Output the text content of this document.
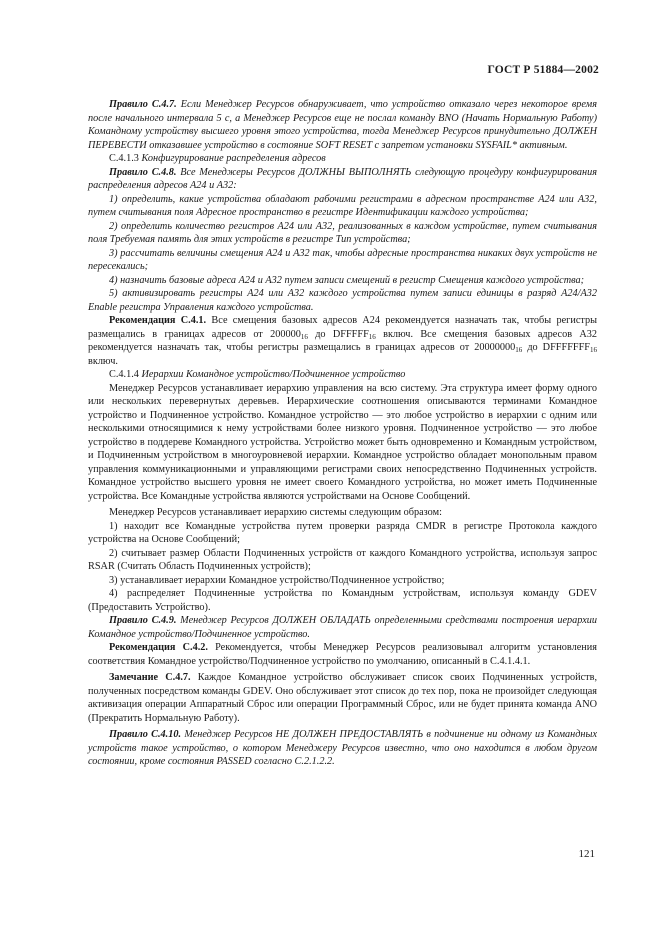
ГОСТ Р 51884—2002

Правило С.4.7. Если Менеджер Ресурсов обнаруживает, что устройство отказало через некоторое время после начального интервала 5 с, а Менеджер Ресурсов еще не послал команду BNO (Начать Нормальную Работу) Командному устройству высшего уровня этого устройства, тогда Менеджер Ресурсов принудительно ДОЛЖЕН ПЕРЕВЕСТИ отказавшее устройство в состояние SOFT RESET с запретом установки SYSFAIL* активным.

С.4.1.3 Конфигурирование распределения адресов

Правило С.4.8. Все Менеджеры Ресурсов ДОЛЖНЫ ВЫПОЛНЯТЬ следующую процедуру конфигурирования распределения адресов А24 и А32:

1) определить, какие устройства обладают рабочими регистрами в адресном пространстве А24 или А32, путем считывания поля Адресное пространство в регистре Идентификации каждого устройства;

2) определить количество регистров А24 или А32, реализованных в каждом устройстве, путем считывания поля Требуемая память для этих устройств в регистре Тип устройства;

3) рассчитать величины смещения А24 и А32 так, чтобы адресные пространства никаких двух устройств не пересекались;

4) назначить базовые адреса А24 и А32 путем записи смещений в регистр Смещения каждого устройства;

5) активизировать регистры А24 или А32 каждого устройства путем записи единицы в разряд A24/A32 Enable регистра Управления каждого устройства.

Рекомендация С.4.1. Все смещения базовых адресов А24 рекомендуется назначать так, чтобы регистры размещались в границах адресов от $200000_{16}$ до $DFFFFF_{16}$ включ. Все смещения базовых адресов А32 рекомендуется назначать так, чтобы регистры размещались в границах адресов от $20000000_{16}$ до $DFFFFFFF_{16}$ включ.

С.4.1.4 Иерархии Командное устройство/Подчиненное устройство

Менеджер Ресурсов устанавливает иерархию управления на всю систему. Эта структура имеет форму одного или нескольких перевернутых деревьев. Иерархические соотношения описываются терминами Командное устройство и Подчиненное устройство. Командное устройство — это любое устройство в иерархии с одним или несколькими относящимися к нему устройствами более низкого уровня. Подчиненное устройство — это любое устройство в поддереве Командного устройства. Устройство может быть одновременно и Командным устройством, и Подчиненным устройством в многоуровневой иерархии. Командное устройство обладает монопольным правом управления коммуникационными и управляющими регистрами своих непосредственно Подчиненных устройств. Командное устройство высшего уровня не имеет своего Командного устройства, но может иметь Подчиненные устройства. Все Командные устройства являются устройствами на Основе Сообщений.

Менеджер Ресурсов устанавливает иерархию системы следующим образом:

1) находит все Командные устройства путем проверки разряда CMDR в регистре Протокола каждого устройства на Основе Сообщений;

2) считывает размер Области Подчиненных устройств от каждого Командного устройства, используя запрос RSAR (Считать Область Подчиненных устройств);

3) устанавливает иерархии Командное устройство/Подчиненное устройство;

4) распределяет Подчиненные устройства по Командным устройствам, используя команду GDEV (Предоставить Устройство).

Правило С.4.9. Менеджер Ресурсов ДОЛЖЕН ОБЛАДАТЬ определенными средствами построения иерархии Командное устройство/Подчиненное устройство.

Рекомендация С.4.2. Рекомендуется, чтобы Менеджер Ресурсов реализовывал алгоритм установления соответствия Командное устройство/Подчиненное устройство по умолчанию, описанный в С.4.1.4.1.

Замечание С.4.7. Каждое Командное устройство обслуживает список своих Подчиненных устройств, полученных посредством команды GDEV. Оно обслуживает этот список до тех пор, пока не произойдет следующая активизация операции Аппаратный Сброс или операции Программный Сброс, или не будет принята команда ANO (Прекратить Нормальную Работу).

Правило С.4.10. Менеджер Ресурсов НЕ ДОЛЖЕН ПРЕДОСТАВЛЯТЬ в подчинение ни одному из Командных устройств такое устройство, о котором Менеджеру Ресурсов известно, что оно находится в любом другом состоянии, кроме состояния PASSED согласно С.2.1.2.2.

121
